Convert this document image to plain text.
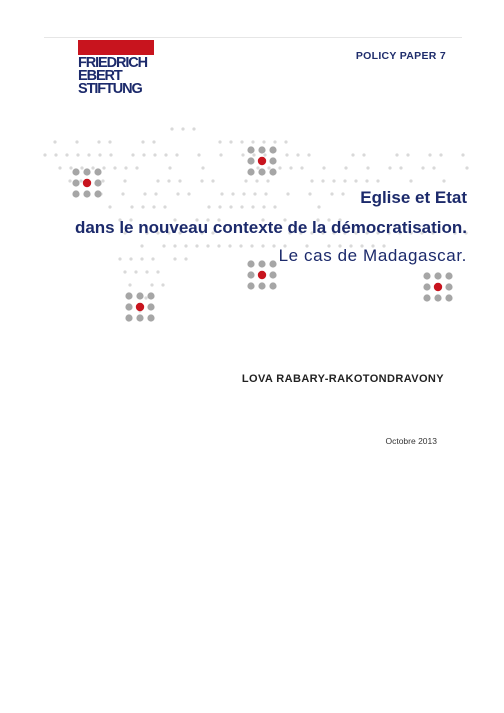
FRIEDRICH
EBERT
STIFTUNG
POLICY PAPER 7
Eglise et Etat
dans le nouveau contexte de la démocratisation.
Le cas de Madagascar.
LOVA RABARY-RAKOTONDRAVONY
Octobre 2013
